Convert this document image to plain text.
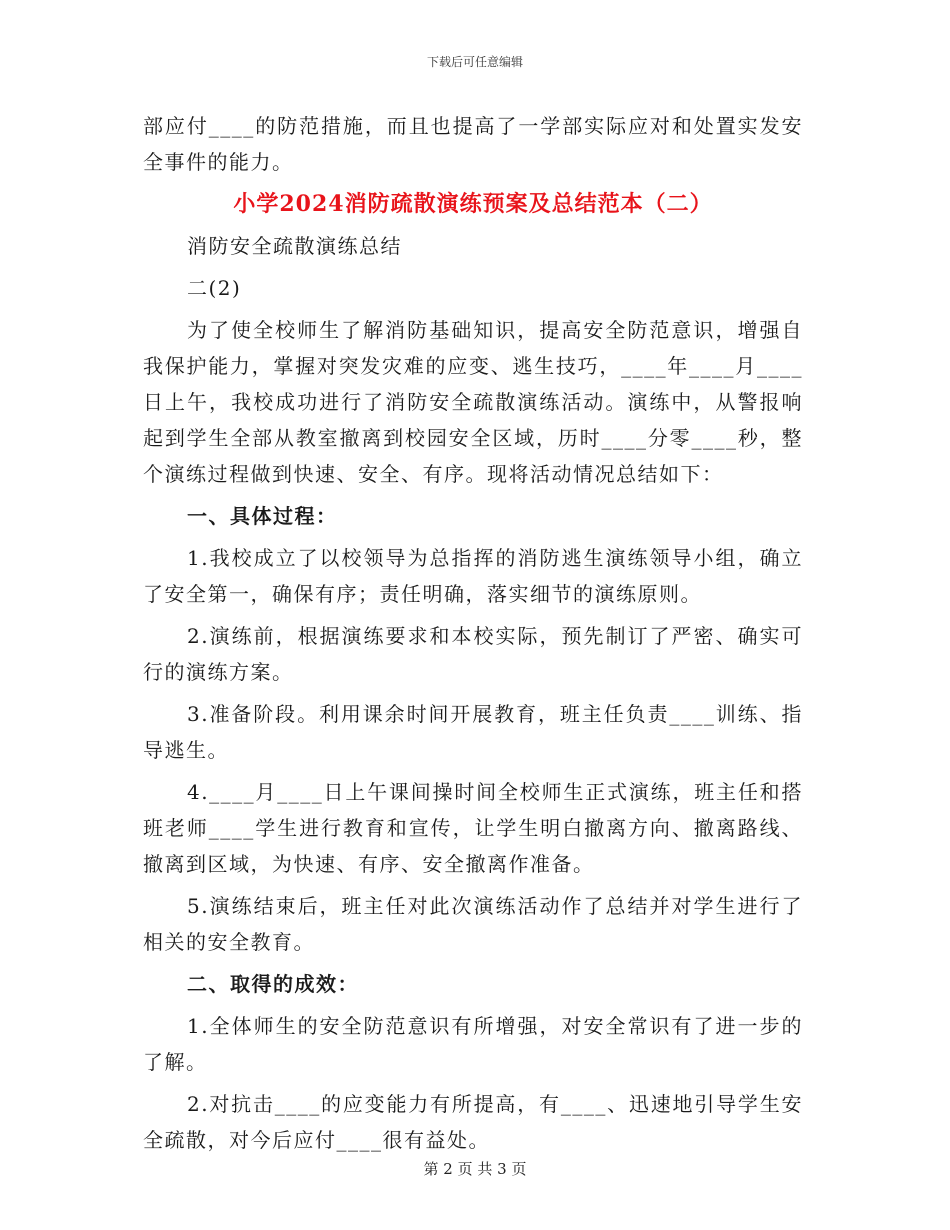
下载后可任意编辑

部应付____的防范措施，而且也提高了一学部实际应对和处置实发安全事件的能力。

小学2024消防疏散演练预案及总结范本（二）

消防安全疏散演练总结

二(2)

为了使全校师生了解消防基础知识，提高安全防范意识，增强自我保护能力，掌握对突发灾难的应变、逃生技巧，____年____月____日上午，我校成功进行了消防安全疏散演练活动。演练中，从警报响起到学生全部从教室撤离到校园安全区域，历时____分零____秒，整个演练过程做到快速、安全、有序。现将活动情况总结如下：

一、具体过程：

1.我校成立了以校领导为总指挥的消防逃生演练领导小组，确立了安全第一，确保有序；责任明确，落实细节的演练原则。

2.演练前，根据演练要求和本校实际，预先制订了严密、确实可行的演练方案。

3.准备阶段。利用课余时间开展教育，班主任负责____训练、指导逃生。

4.____月____日上午课间操时间全校师生正式演练，班主任和搭班老师____学生进行教育和宣传，让学生明白撤离方向、撤离路线、撤离到区域，为快速、有序、安全撤离作准备。

5.演练结束后，班主任对此次演练活动作了总结并对学生进行了相关的安全教育。

二、取得的成效：

1.全体师生的安全防范意识有所增强，对安全常识有了进一步的了解。

2.对抗击____的应变能力有所提高，有____、迅速地引导学生安全疏散，对今后应付____很有益处。

第 2 页 共 3 页
